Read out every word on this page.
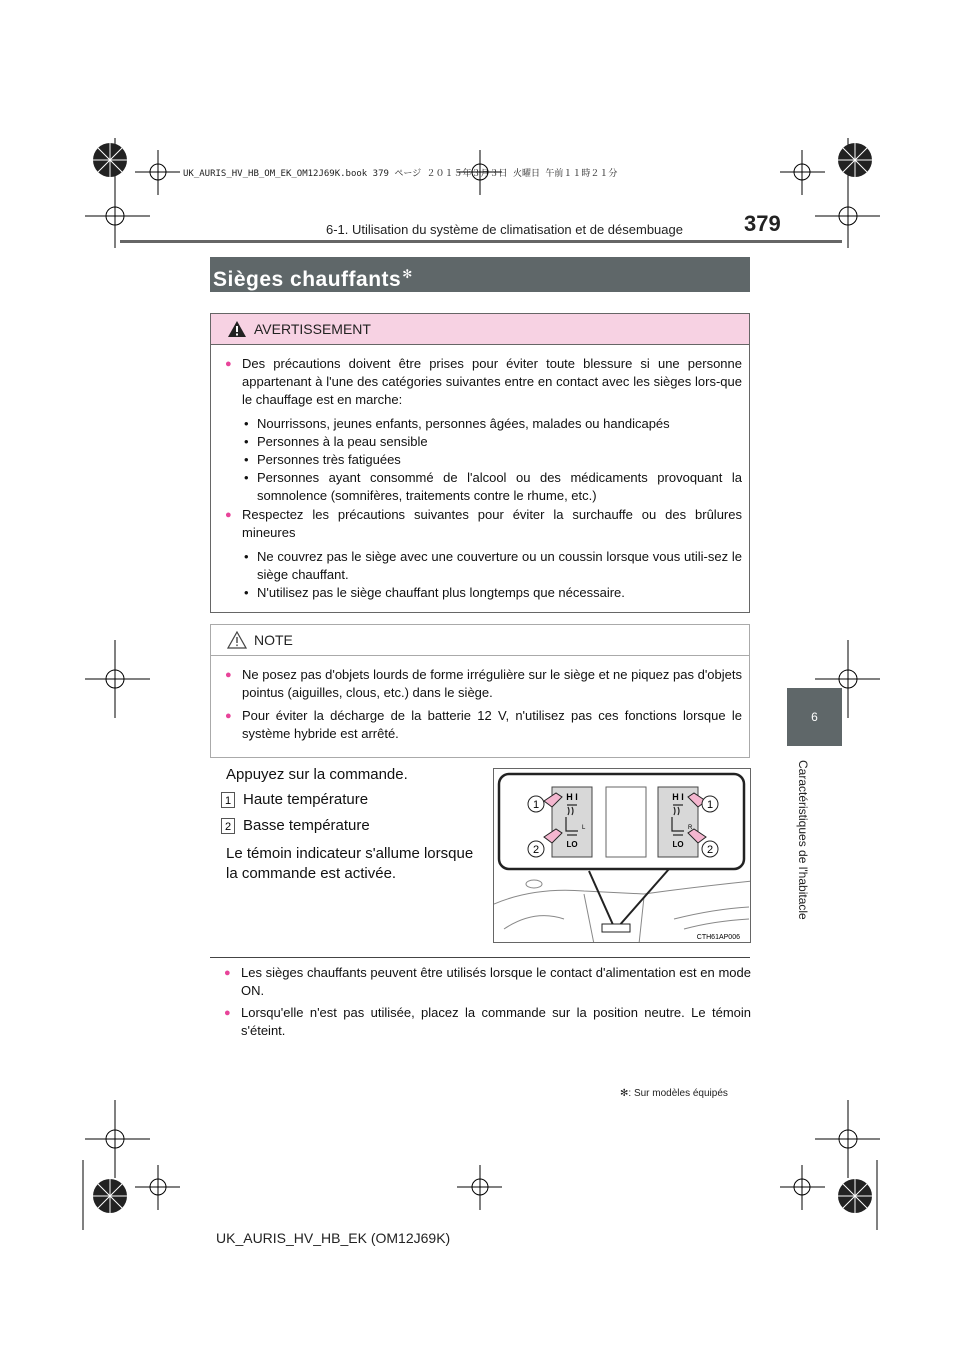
UK_AURIS_HV_HB_OM_EK_OM12J69K.book 379 ページ ２０１５年３月３日 火曜日 午前１１時２１分
6-1. Utilisation du système de climatisation et de désembuage	379
6
Caractéristiques de l'habitacle
Sièges chauffants✻
AVERTISSEMENT
● Des précautions doivent être prises pour éviter toute blessure si une personne appartenant à l'une des catégories suivantes entre en contact avec les sièges lors-que le chauffage est en marche:
• Nourrissons, jeunes enfants, personnes âgées, malades ou handicapés
• Personnes à la peau sensible
• Personnes très fatiguées
• Personnes ayant consommé de l'alcool ou des médicaments provoquant la somnolence (somnifères, traitements contre le rhume, etc.)
● Respectez les précautions suivantes pour éviter la surchauffe ou des brûlures mineures
• Ne couvrez pas le siège avec une couverture ou un coussin lorsque vous utili-sez le siège chauffant.
• N'utilisez pas le siège chauffant plus longtemps que nécessaire.
NOTE
● Ne posez pas d'objets lourds de forme irrégulière sur le siège et ne piquez pas d'objets pointus (aiguilles, clous, etc.) dans le siège.
● Pour éviter la décharge de la batterie 12 V, n'utilisez pas ces fonctions lorsque le système hybride est arrêté.
Appuyez sur la commande.
1 Haute température
2 Basse température
Le témoin indicateur s'allume lorsque
la commande est activée.
H I
LO
L
H I
LO
R
1
2
1
2
CTH61AP006
● Les sièges chauffants peuvent être utilisés lorsque le contact d'alimentation est en mode ON.
● Lorsqu'elle n'est pas utilisée, placez la commande sur la position neutre. Le témoin s'éteint.
✻: Sur modèles équipés
UK_AURIS_HV_HB_EK (OM12J69K)
